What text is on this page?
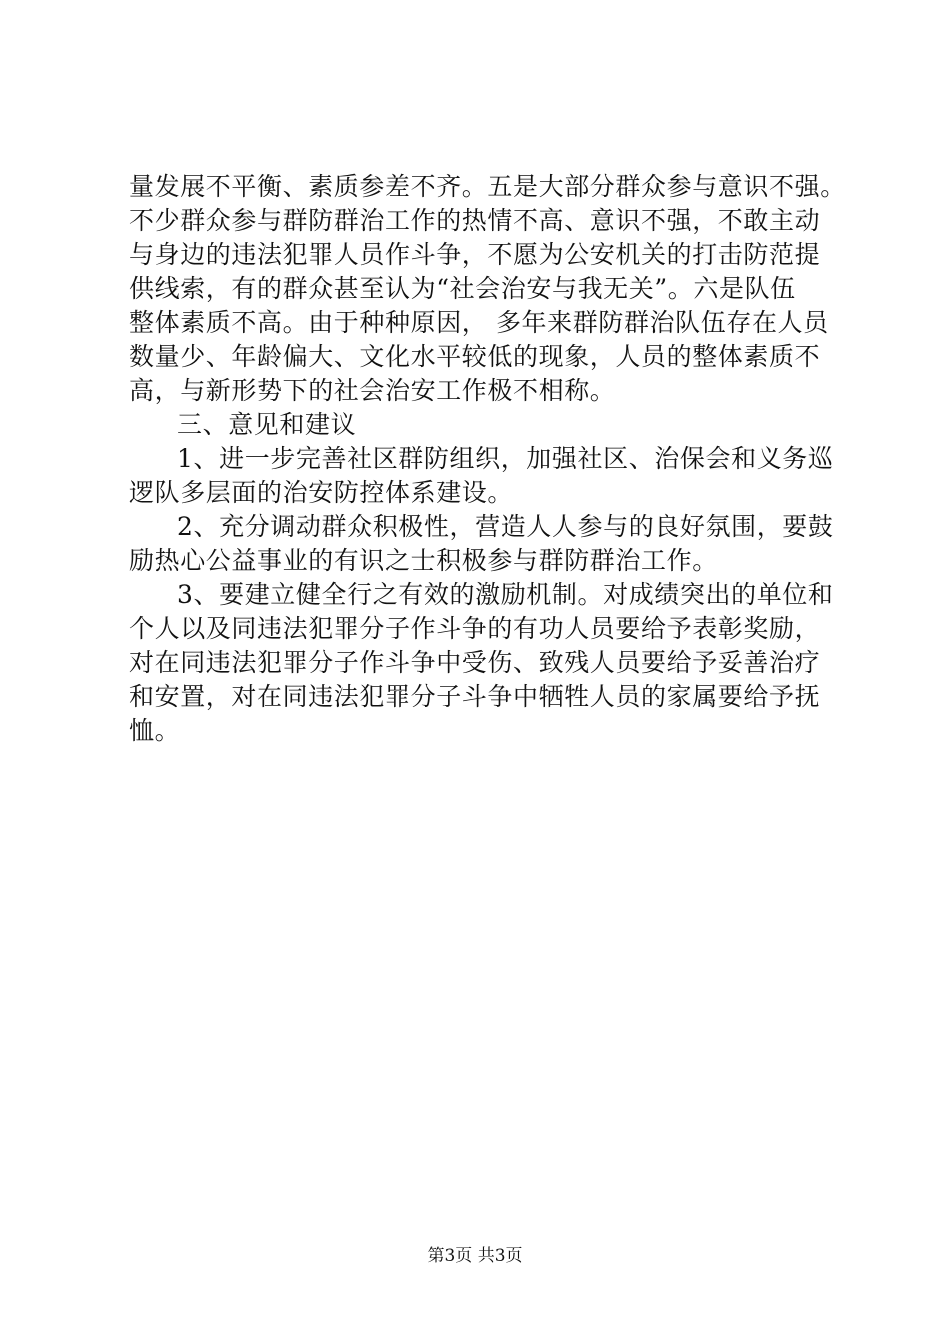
量发展不平衡、素质参差不齐。五是大部分群众参与意识不强。
不少群众参与群防群治工作的热情不高、意识不强，不敢主动
与身边的违法犯罪人员作斗争，不愿为公安机关的打击防范提
供线索，有的群众甚至认为“社会治安与我无关”。六是队伍
整体素质不高。由于种种原因， 多年来群防群治队伍存在人员
数量少、年龄偏大、文化水平较低的现象，人员的整体素质不
高，与新形势下的社会治安工作极不相称。
三、意见和建议
1、进一步完善社区群防组织，加强社区、治保会和义务巡
逻队多层面的治安防控体系建设。
2、充分调动群众积极性，营造人人参与的良好氛围，要鼓
励热心公益事业的有识之士积极参与群防群治工作。
3、要建立健全行之有效的激励机制。对成绩突出的单位和
个人以及同违法犯罪分子作斗争的有功人员要给予表彰奖励，
对在同违法犯罪分子作斗争中受伤、致残人员要给予妥善治疗
和安置，对在同违法犯罪分子斗争中牺牲人员的家属要给予抚
恤。
第3页 共3页
